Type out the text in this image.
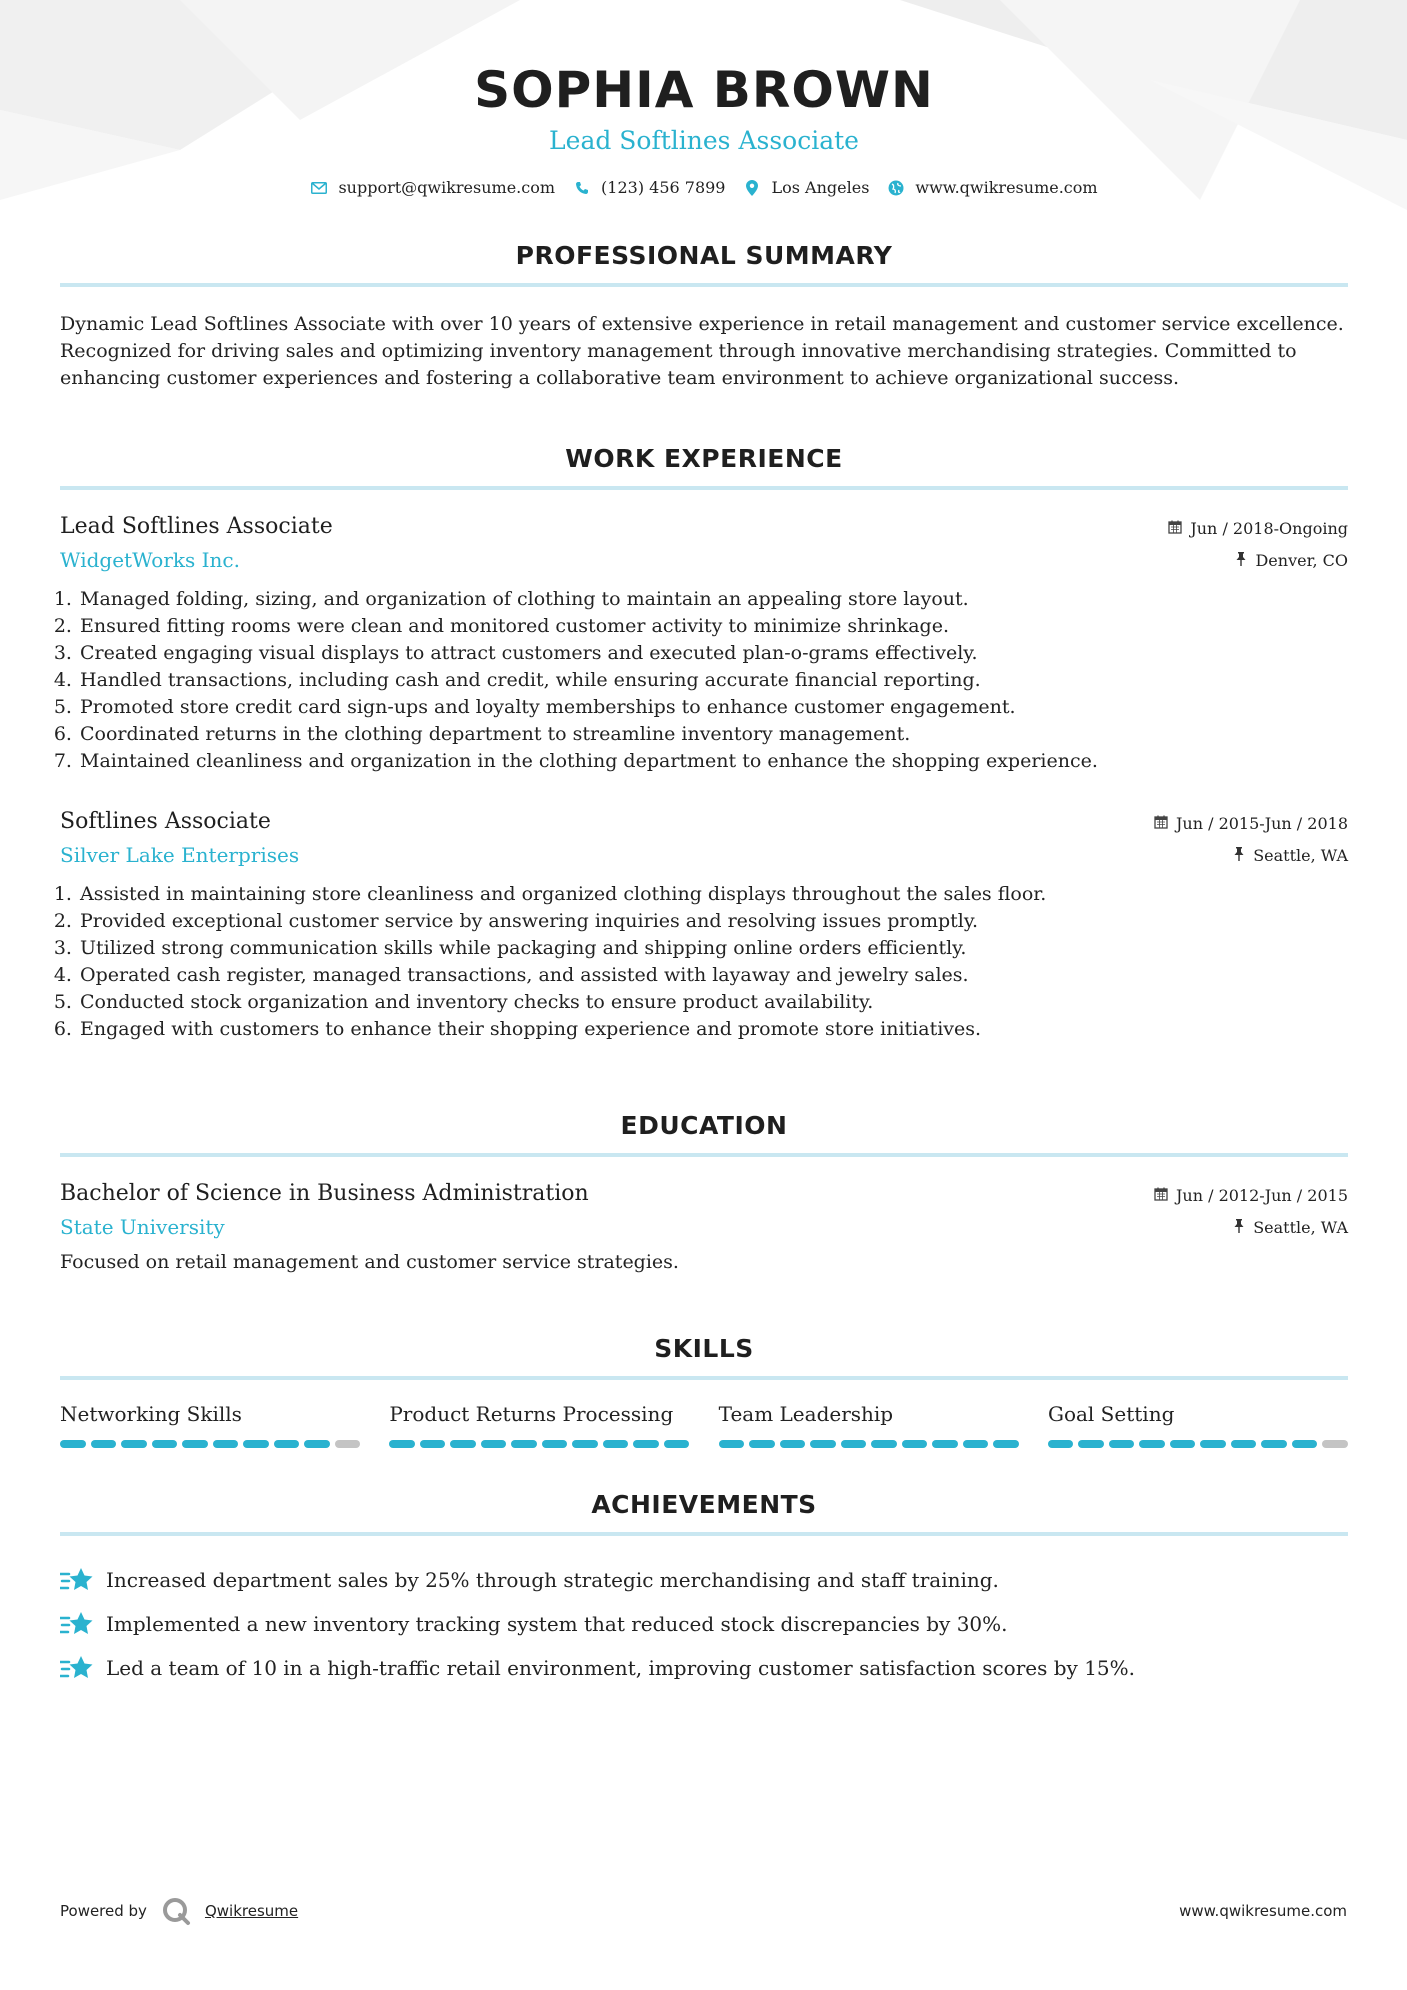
SOPHIA BROWN
Lead Softlines Associate
support@qwikresume.com	(123) 456 7899	Los Angeles	www.qwikresume.com
PROFESSIONAL SUMMARY
Dynamic Lead Softlines Associate with over 10 years of extensive experience in retail management and customer service excellence. Recognized for driving sales and optimizing inventory management through innovative merchandising strategies. Committed to enhancing customer experiences and fostering a collaborative team environment to achieve organizational success.
WORK EXPERIENCE
Lead Softlines Associate
WidgetWorks Inc.
Jun / 2018-Ongoing
Denver, CO
1. Managed folding, sizing, and organization of clothing to maintain an appealing store layout.
2. Ensured fitting rooms were clean and monitored customer activity to minimize shrinkage.
3. Created engaging visual displays to attract customers and executed plan-o-grams effectively.
4. Handled transactions, including cash and credit, while ensuring accurate financial reporting.
5. Promoted store credit card sign-ups and loyalty memberships to enhance customer engagement.
6. Coordinated returns in the clothing department to streamline inventory management.
7. Maintained cleanliness and organization in the clothing department to enhance the shopping experience.
Softlines Associate
Silver Lake Enterprises
Jun / 2015-Jun / 2018
Seattle, WA
1. Assisted in maintaining store cleanliness and organized clothing displays throughout the sales floor.
2. Provided exceptional customer service by answering inquiries and resolving issues promptly.
3. Utilized strong communication skills while packaging and shipping online orders efficiently.
4. Operated cash register, managed transactions, and assisted with layaway and jewelry sales.
5. Conducted stock organization and inventory checks to ensure product availability.
6. Engaged with customers to enhance their shopping experience and promote store initiatives.
EDUCATION
Bachelor of Science in Business Administration
State University
Jun / 2012-Jun / 2015
Seattle, WA
Focused on retail management and customer service strategies.
SKILLS
Networking Skills	Product Returns Processing	Team Leadership	Goal Setting
ACHIEVEMENTS
Increased department sales by 25% through strategic merchandising and staff training.
Implemented a new inventory tracking system that reduced stock discrepancies by 30%.
Led a team of 10 in a high-traffic retail environment, improving customer satisfaction scores by 15%.
Powered by	Qwikresume	www.qwikresume.com
